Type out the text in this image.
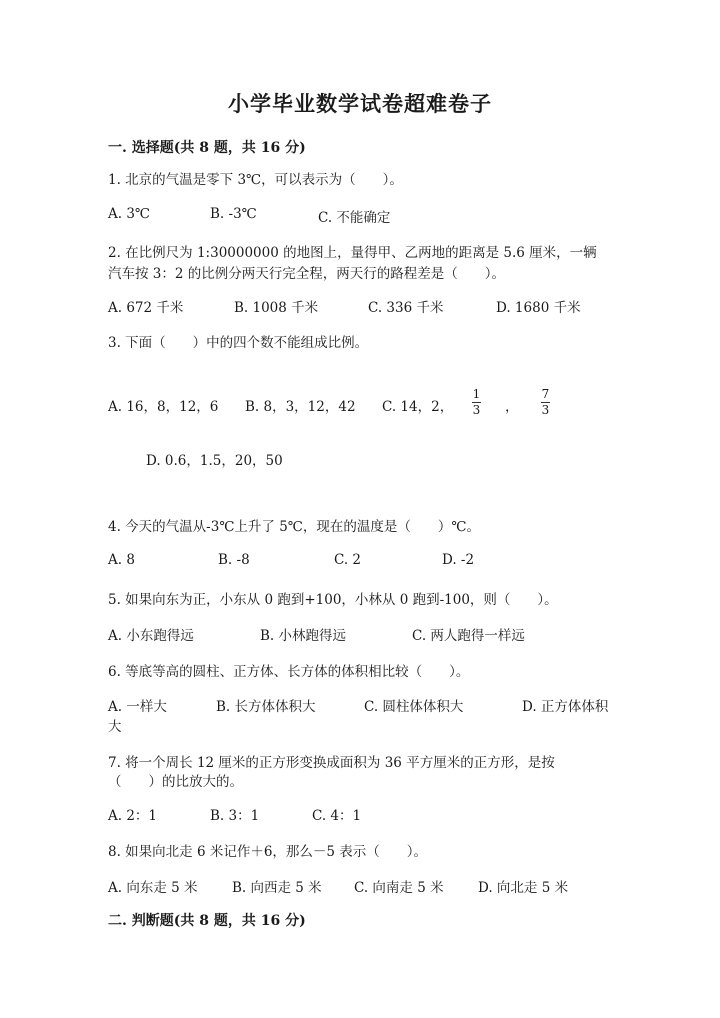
小学毕业数学试卷超难卷子
一. 选择题(共 8 题，共 16 分)
1. 北京的气温是零下 3℃，可以表示为（　　）。
A. 3℃	B. -3℃	C. 不能确定
2. 在比例尺为 1:30000000 的地图上，量得甲、乙两地的距离是 5.6 厘米，一辆
汽车按 3：2 的比例分两天行完全程，两天行的路程差是（　　）。
A. 672 千米	B. 1008 千米	C. 336 千米	D. 1680 千米
3. 下面（　　）中的四个数不能组成比例。
A. 16，8，12，6 B. 8，3，12，42 C. 14，2，
1
3 ，
7
3
D. 0.6，1.5，20，50
4. 今天的气温从-3℃上升了 5℃，现在的温度是（　　）℃。
A. 8	B. -8	C. 2	D. -2
5. 如果向东为正，小东从 0 跑到+100，小林从 0 跑到-100，则（　　）。
A. 小东跑得远	B. 小林跑得远	C. 两人跑得一样远
6. 等底等高的圆柱、正方体、长方体的体积相比较（　　）。
A. 一样大	B. 长方体体积大	C. 圆柱体体积大	D. 正方体体积
大
7. 将一个周长 12 厘米的正方形变换成面积为 36 平方厘米的正方形，是按
（　　）的比放大的。
A. 2：1	B. 3：1	C. 4：1
8. 如果向北走 6 米记作＋6，那么－5 表示（　　）。
A. 向东走 5 米	B. 向西走 5 米 C. 向南走 5 米	D. 向北走 5 米
二. 判断题(共 8 题，共 16 分)
